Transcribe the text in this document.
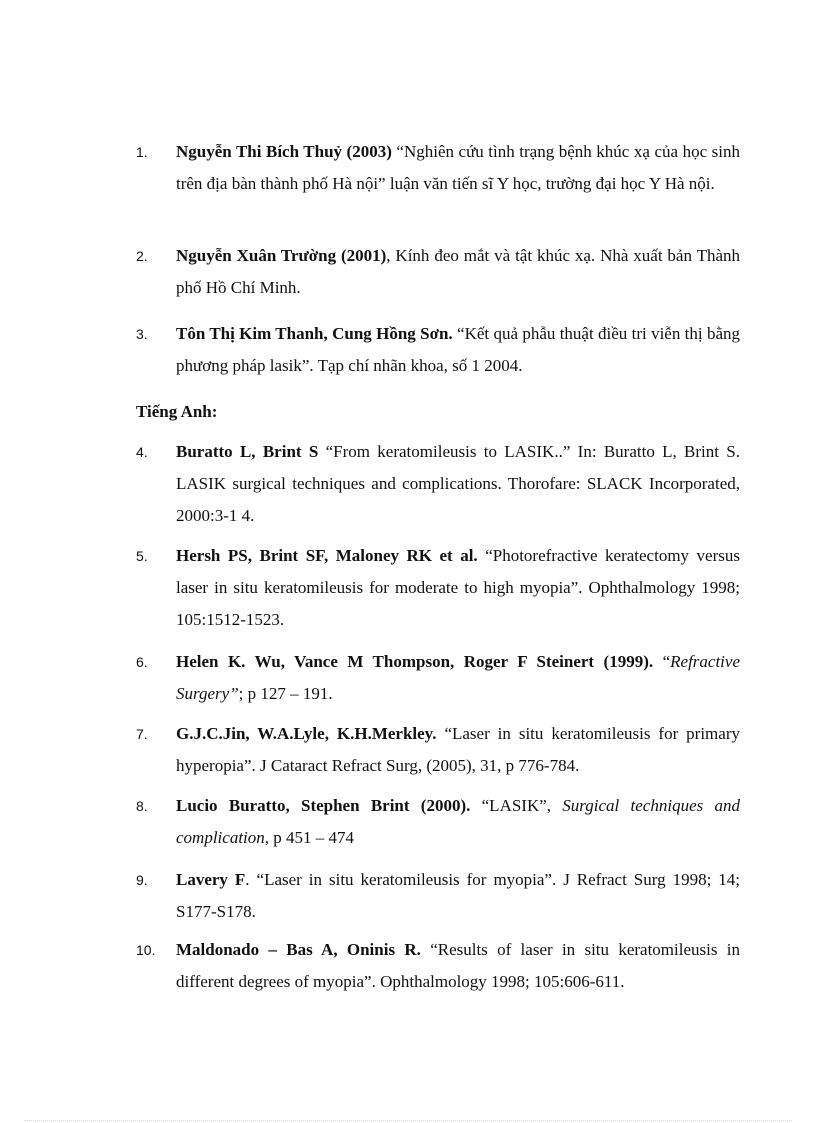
1. Nguyễn Thi Bích Thuỷ (2003) “Nghiên cứu tình trạng bệnh khúc xạ của học sinh trên địa bàn thành phố Hà nội” luận văn tiến sĩ Y học, trường đại học Y Hà nội.
2. Nguyễn Xuân Trường (2001), Kính đeo mắt và tật khúc xạ. Nhà xuất bản Thành phố Hồ Chí Minh.
3. Tôn Thị Kim Thanh, Cung Hồng Sơn. “Kết quả phẫu thuật điều tri viễn thị bằng phương pháp lasik”. Tạp chí nhãn khoa, số 1 2004.
Tiếng Anh:
4. Buratto L, Brint S “From keratomileusis to LASIK..” In: Buratto L, Brint S. LASIK surgical techniques and complications. Thorofare: SLACK Incorporated, 2000:3-1 4.
5. Hersh PS, Brint SF, Maloney RK et al. “Photorefractive keratectomy versus laser in situ keratomileusis for moderate to high myopia”. Ophthalmology 1998; 105:1512-1523.
6. Helen K. Wu, Vance M Thompson, Roger F Steinert (1999). “Refractive Surgery”; p 127 – 191.
7. G.J.C.Jin, W.A.Lyle, K.H.Merkley. “Laser in situ keratomileusis for primary hyperopia”. J Cataract Refract Surg, (2005), 31, p 776-784.
8. Lucio Buratto, Stephen Brint (2000). “LASIK”, Surgical techniques and complication, p 451 – 474
9. Lavery F. “Laser in situ keratomileusis for myopia”. J Refract Surg 1998; 14; S177-S178.
10. Maldonado – Bas A, Oninis R. “Results of laser in situ keratomileusis in different degrees of myopia”. Ophthalmology 1998; 105:606-611.
